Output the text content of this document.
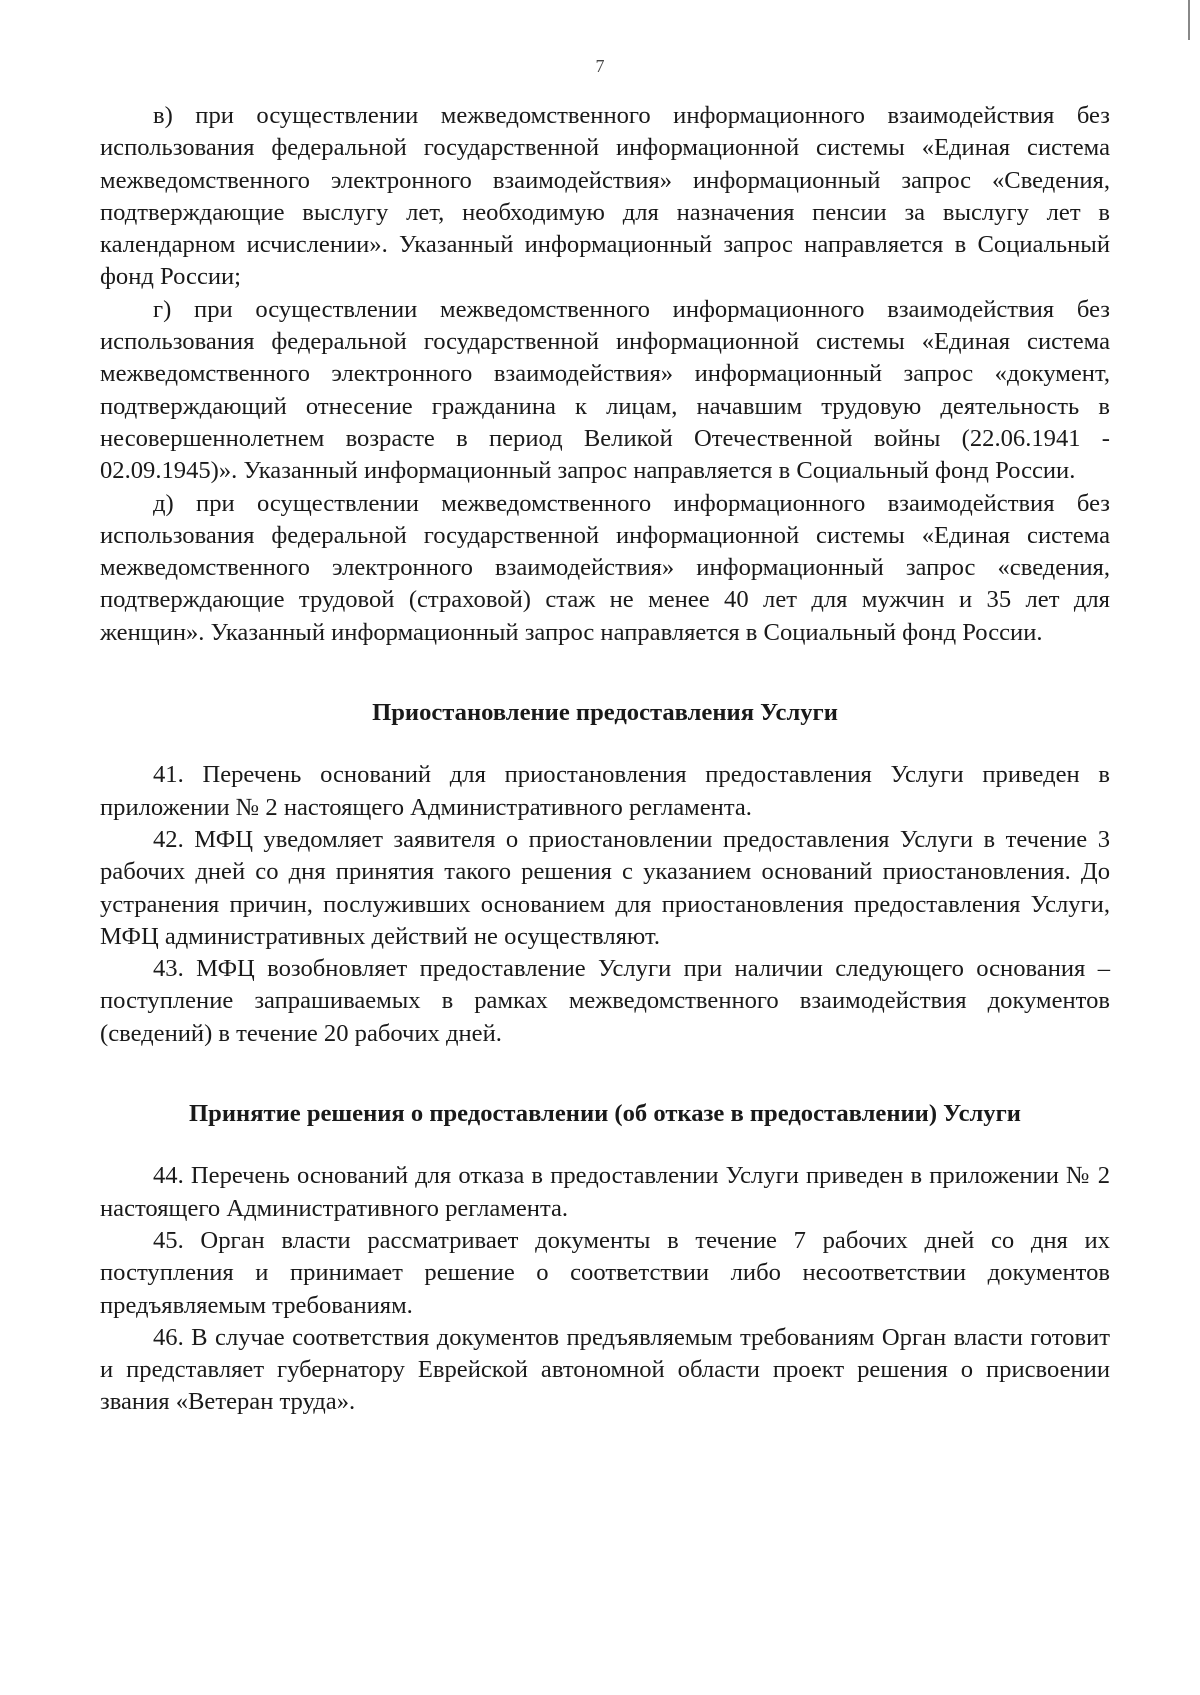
7

в) при осуществлении межведомственного информационного взаимодействия без использования федеральной государственной информационной системы «Единая система межведомственного электронного взаимодействия» информационный запрос «Сведения, подтверждающие выслугу лет, необходимую для назначения пенсии за выслугу лет в календарном исчислении». Указанный информационный запрос направляется в Социальный фонд России;

г) при осуществлении межведомственного информационного взаимодействия без использования федеральной государственной информационной системы «Единая система межведомственного электронного взаимодействия» информационный запрос «документ, подтверждающий отнесение гражданина к лицам, начавшим трудовую деятельность в несовершеннолетнем возрасте в период Великой Отечественной войны (22.06.1941 - 02.09.1945)». Указанный информационный запрос направляется в Социальный фонд России.

д) при осуществлении межведомственного информационного взаимодействия без использования федеральной государственной информационной системы «Единая система межведомственного электронного взаимодействия» информационный запрос «сведения, подтверждающие трудовой (страховой) стаж не менее 40 лет для мужчин и 35 лет для женщин». Указанный информационный запрос направляется в Социальный фонд России.

Приостановление предоставления Услуги

41. Перечень оснований для приостановления предоставления Услуги приведен в приложении № 2 настоящего Административного регламента.

42. МФЦ уведомляет заявителя о приостановлении предоставления Услуги в течение 3 рабочих дней со дня принятия такого решения с указанием оснований приостановления. До устранения причин, послуживших основанием для приостановления предоставления Услуги, МФЦ административных действий не осуществляют.

43. МФЦ возобновляет предоставление Услуги при наличии следующего основания – поступление запрашиваемых в рамках межведомственного взаимодействия документов (сведений) в течение 20 рабочих дней.

Принятие решения о предоставлении (об отказе в предоставлении) Услуги

44. Перечень оснований для отказа в предоставлении Услуги приведен в приложении № 2 настоящего Административного регламента.

45. Орган власти рассматривает документы в течение 7 рабочих дней со дня их поступления и принимает решение о соответствии либо несоответствии документов предъявляемым требованиям.

46. В случае соответствия документов предъявляемым требованиям Орган власти готовит и представляет губернатору Еврейской автономной области проект решения о присвоении звания «Ветеран труда».
